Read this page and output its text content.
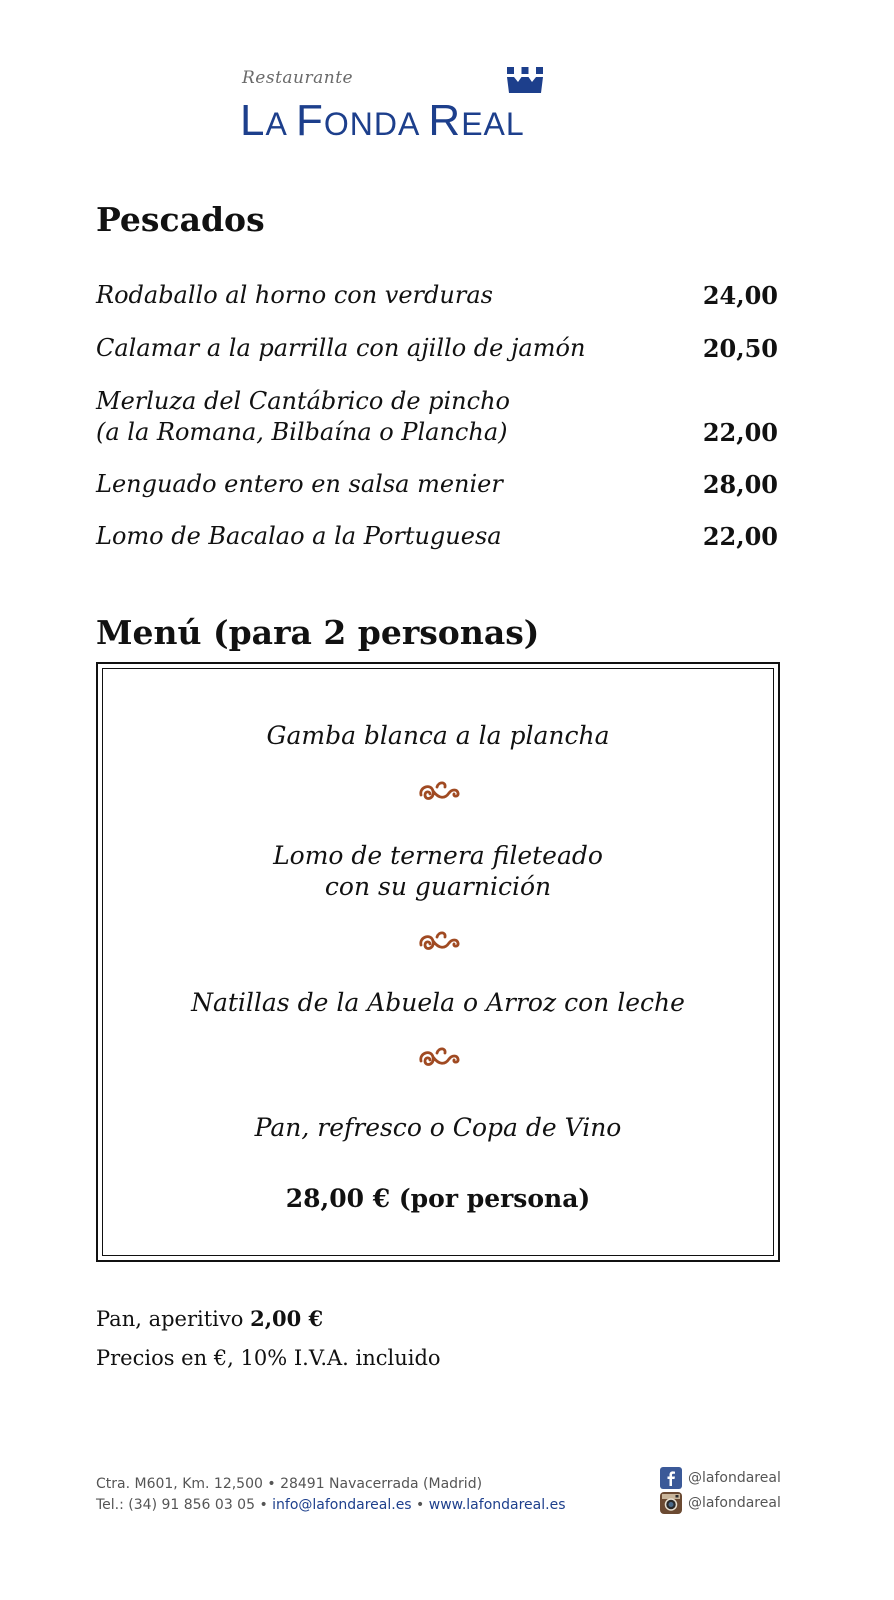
Restaurante
LA FONDA REAL
Pescados
Rodaballo al horno con verduras	24,00
Calamar a la parrilla con ajillo de jamón	20,50
Merluza del Cantábrico de pincho
(a la Romana, Bilbaína o Plancha)	22,00
Lenguado entero en salsa menier	28,00
Lomo de Bacalao a la Portuguesa	22,00
Menú (para 2 personas)
Gamba blanca a la plancha
Lomo de ternera fileteado
con su guarnición
Natillas de la Abuela o Arroz con leche
Pan, refresco o Copa de Vino
28,00 € (por persona)
Pan, aperitivo 2,00 €
Precios en €, 10% I.V.A. incluido
Ctra. M601, Km. 12,500 • 28491 Navacerrada (Madrid)
Tel.: (34) 91 856 03 05 • info@lafondareal.es • www.lafondareal.es
@lafondareal
@lafondareal
